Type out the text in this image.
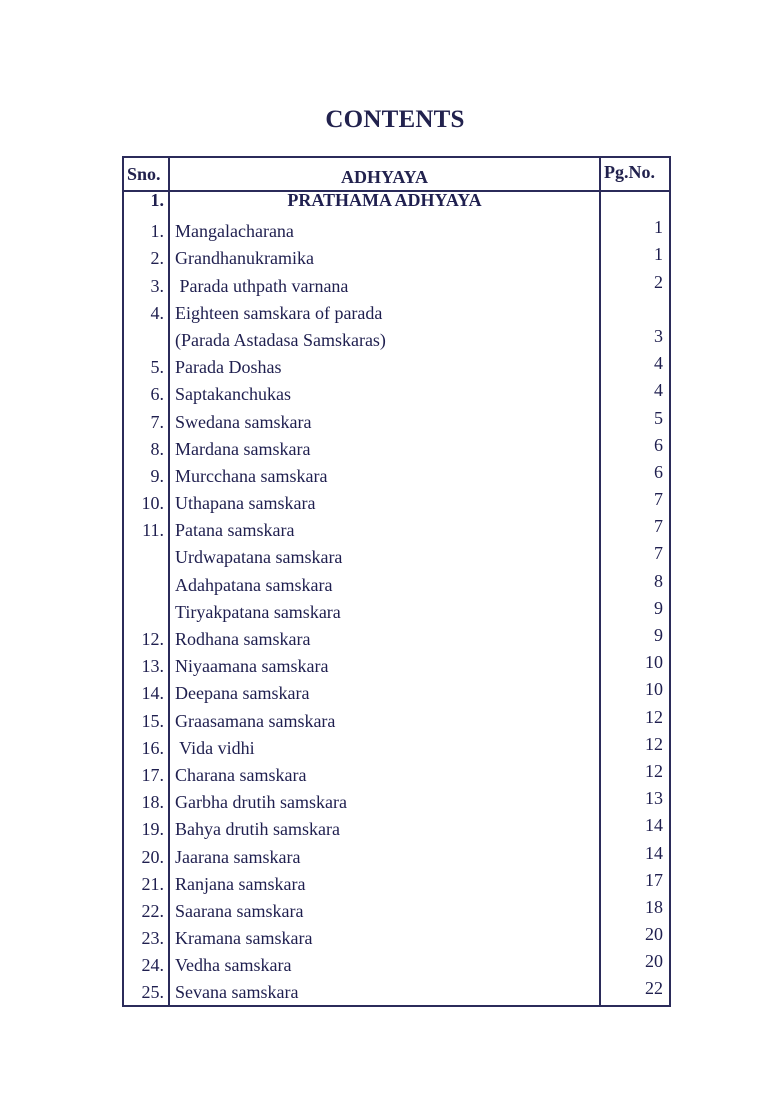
CONTENTS
Sno.	ADHYAYA	Pg.No.
1.	PRATHAMA ADHYAYA
1. Mangalacharana	1
2. Grandhanukramika	1
3. Parada uthpath varnana	2
4. Eighteen samskara of parada
(Parada Astadasa Samskaras)	3
5. Parada Doshas	4
6. Saptakanchukas	4
7. Swedana samskara	5
8. Mardana samskara	6
9. Murcchana samskara	6
10. Uthapana samskara	7
11. Patana samskara	7
Urdwapatana samskara	7
Adahpatana samskara	8
Tiryakpatana samskara	9
12. Rodhana samskara	9
13. Niyaamana samskara	10
14. Deepana samskara	10
15. Graasamana samskara	12
16. Vida vidhi	12
17. Charana samskara	12
18. Garbha drutih samskara	13
19. Bahya drutih samskara	14
20. Jaarana samskara	14
21. Ranjana samskara	17
22. Saarana samskara	18
23. Kramana samskara	20
24. Vedha samskara	20
25. Sevana samskara	22
